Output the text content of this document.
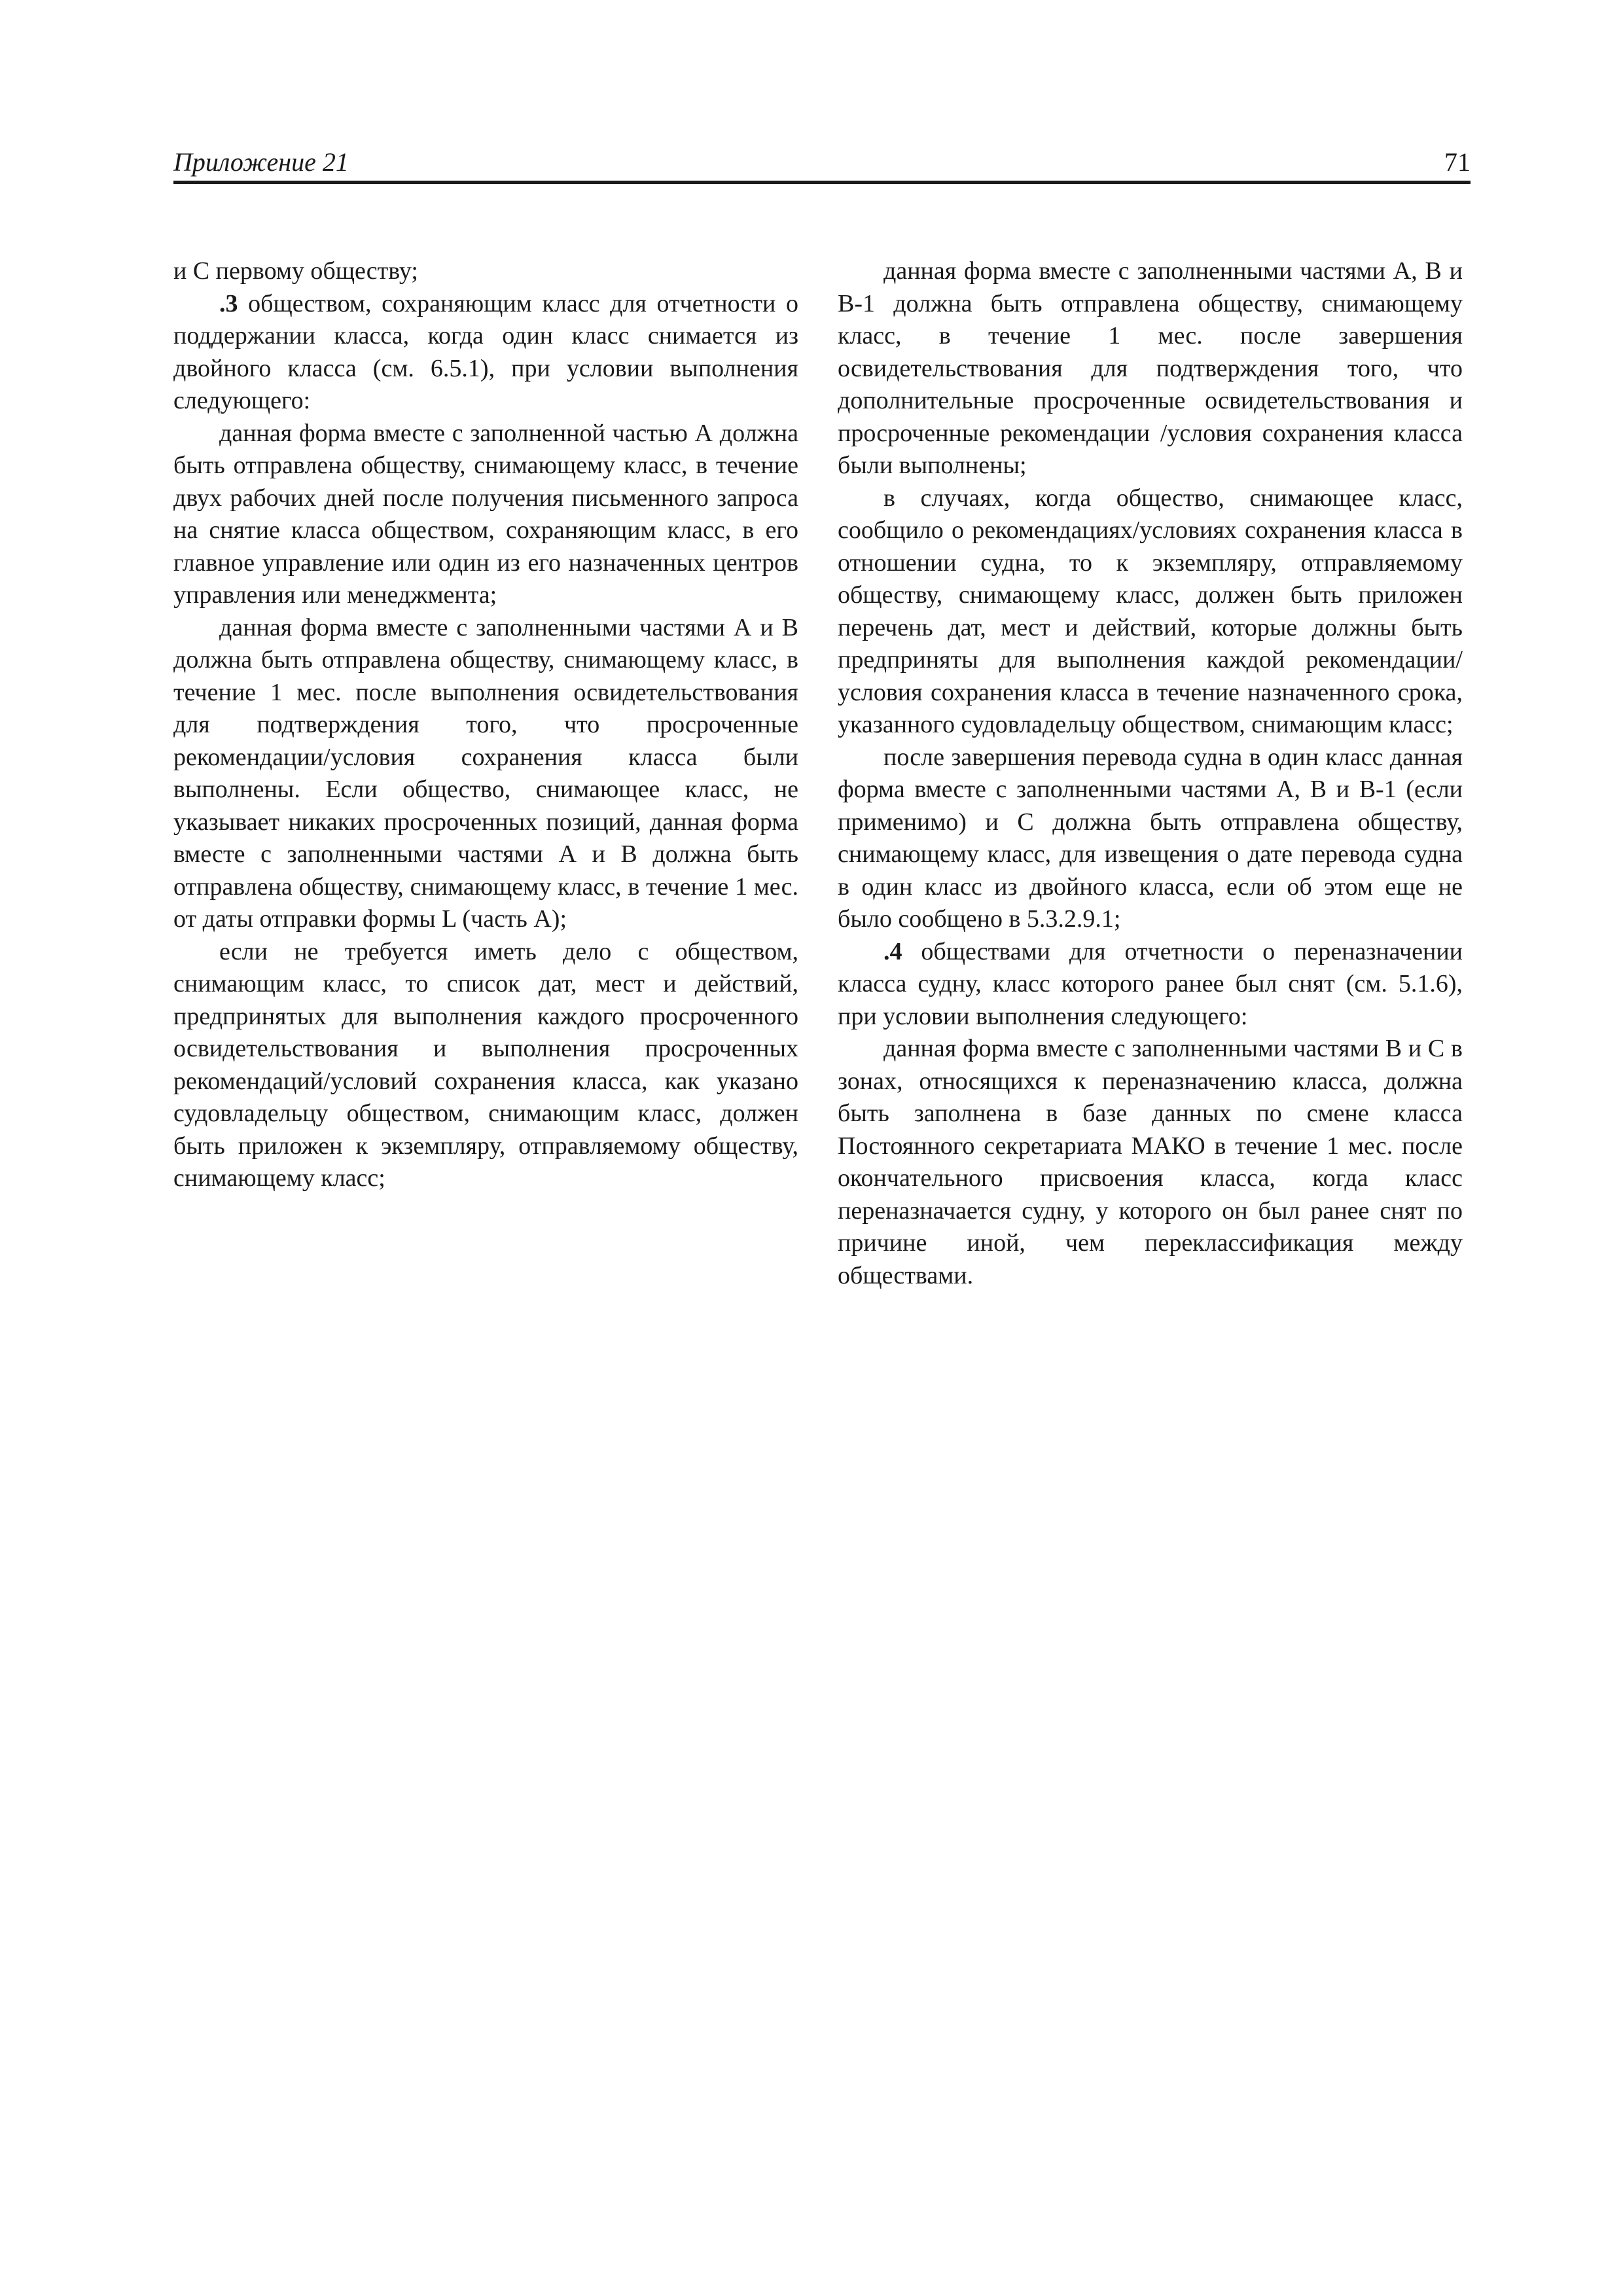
Приложение 21	71

и С первому обществу;

.3 обществом, сохраняющим класс для отчетности о поддержании класса, когда один класс снимается из двойного класса (см. 6.5.1), при условии выполнения следующего:

данная форма вместе с заполненной частью А должна быть отправлена обществу, снимающему класс, в течение двух рабочих дней после получения письменного запроса на снятие класса обществом, сохраняющим класс, в его главное управление или один из его назначенных центров управления или менеджмента;

данная форма вместе с заполненными частями А и В должна быть отправлена обществу, снимающему класс, в течение 1 мес. после выполнения освидетельствования для подтверждения того, что просроченные рекомендации/условия сохранения класса были выполнены. Если общество, снимающее класс, не указывает никаких просроченных позиций, данная форма вместе с заполненными частями А и В должна быть отправлена обществу, снимающему класс, в течение 1 мес. от даты отправки формы L (часть А);

если не требуется иметь дело с обществом, снимающим класс, то список дат, мест и действий, предпринятых для выполнения каждого просроченного освидетельствования и выполнения просроченных рекомендаций/условий сохранения класса, как указано судовладельцу обществом, снимающим класс, должен быть приложен к экземпляру, отправляемому обществу, снимающему класс;

данная форма вместе с заполненными частями А, В и В-1 должна быть отправлена обществу, снимающему класс, в течение 1 мес. после завершения освидетельствования для подтверждения того, что дополнительные просроченные освидетельствования и просроченные рекомендации /условия сохранения класса были выполнены;

в случаях, когда общество, снимающее класс, сообщило о рекомендациях/условиях сохранения класса в отношении судна, то к экземпляру, отправляемому обществу, снимающему класс, должен быть приложен перечень дат, мест и действий, которые должны быть предприняты для выполнения каждой рекомендации/условия сохранения класса в течение назначенного срока, указанного судовладельцу обществом, снимающим класс;

после завершения перевода судна в один класс данная форма вместе с заполненными частями А, В и В-1 (если применимо) и С должна быть отправлена обществу, снимающему класс, для извещения о дате перевода судна в один класс из двойного класса, если об этом еще не было сообщено в 5.3.2.9.1;

.4 обществами для отчетности о переназначении класса судну, класс которого ранее был снят (см. 5.1.6), при условии выполнения следующего:

данная форма вместе с заполненными частями В и С в зонах, относящихся к переназначению класса, должна быть заполнена в базе данных по смене класса Постоянного секретариата МАКО в течение 1 мес. после окончательного присвоения класса, когда класс переназначается судну, у которого он был ранее снят по причине иной, чем переклассификация между обществами.
